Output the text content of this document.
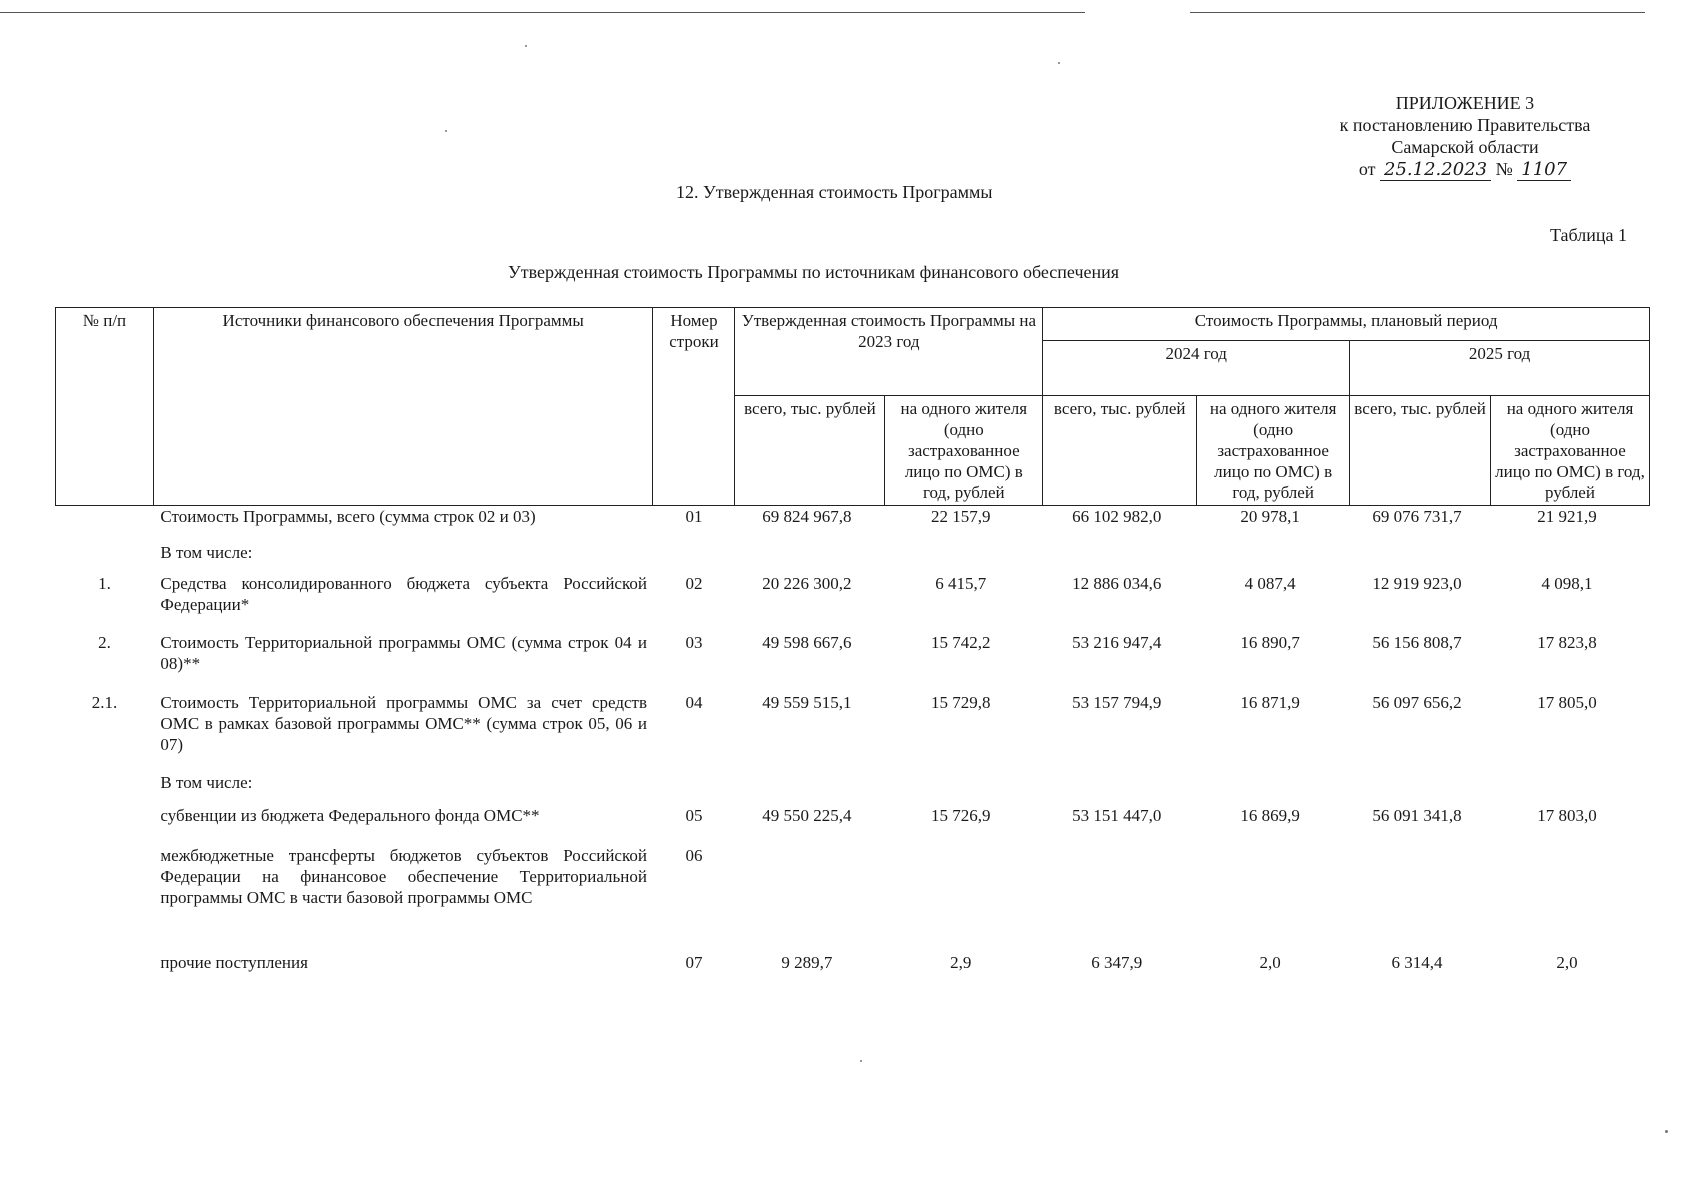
ПРИЛОЖЕНИЕ 3
к постановлению Правительства
Самарской области
от 25.12.2023 № 1107
12. Утвержденная стоимость Программы
Таблица 1
Утвержденная стоимость Программы по источникам финансового обеспечения
№ п/п	Источники финансового обеспечения Программы	Номер строки	Утвержденная стоимость Программы на 2023 год		Стоимость Программы, плановый период			
					2024 год		2025 год	
			всего, тыс. рублей	на одного жителя (одно застрахованное лицо по ОМС) в год, рублей	всего, тыс. рублей	на одного жителя (одно застрахованное лицо по ОМС) в год, рублей	всего, тыс. рублей	на одного жителя (одно застрахованное лицо по ОМС) в год, рублей
	Стоимость Программы, всего (сумма строк 02 и 03)	01	69 824 967,8	22 157,9	66 102 982,0	20 978,1	69 076 731,7	21 921,9
	В том числе:							
1.	Средства консолидированного бюджета субъекта Российской Федерации*	02	20 226 300,2	6 415,7	12 886 034,6	4 087,4	12 919 923,0	4 098,1
2.	Стоимость Территориальной программы ОМС (сумма строк 04 и 08)**	03	49 598 667,6	15 742,2	53 216 947,4	16 890,7	56 156 808,7	17 823,8
2.1.	Стоимость Территориальной программы ОМС за счет средств ОМС в рамках базовой программы ОМС** (сумма строк 05, 06 и 07)	04	49 559 515,1	15 729,8	53 157 794,9	16 871,9	56 097 656,2	17 805,0
	В том числе:							
	субвенции из бюджета Федерального фонда ОМС**	05	49 550 225,4	15 726,9	53 151 447,0	16 869,9	56 091 341,8	17 803,0
	межбюджетные трансферты бюджетов субъектов Российской Федерации на финансовое обеспечение Территориальной программы ОМС в части базовой программы ОМС	06						
	прочие поступления	07	9 289,7	2,9	6 347,9	2,0	6 314,4	2,0
